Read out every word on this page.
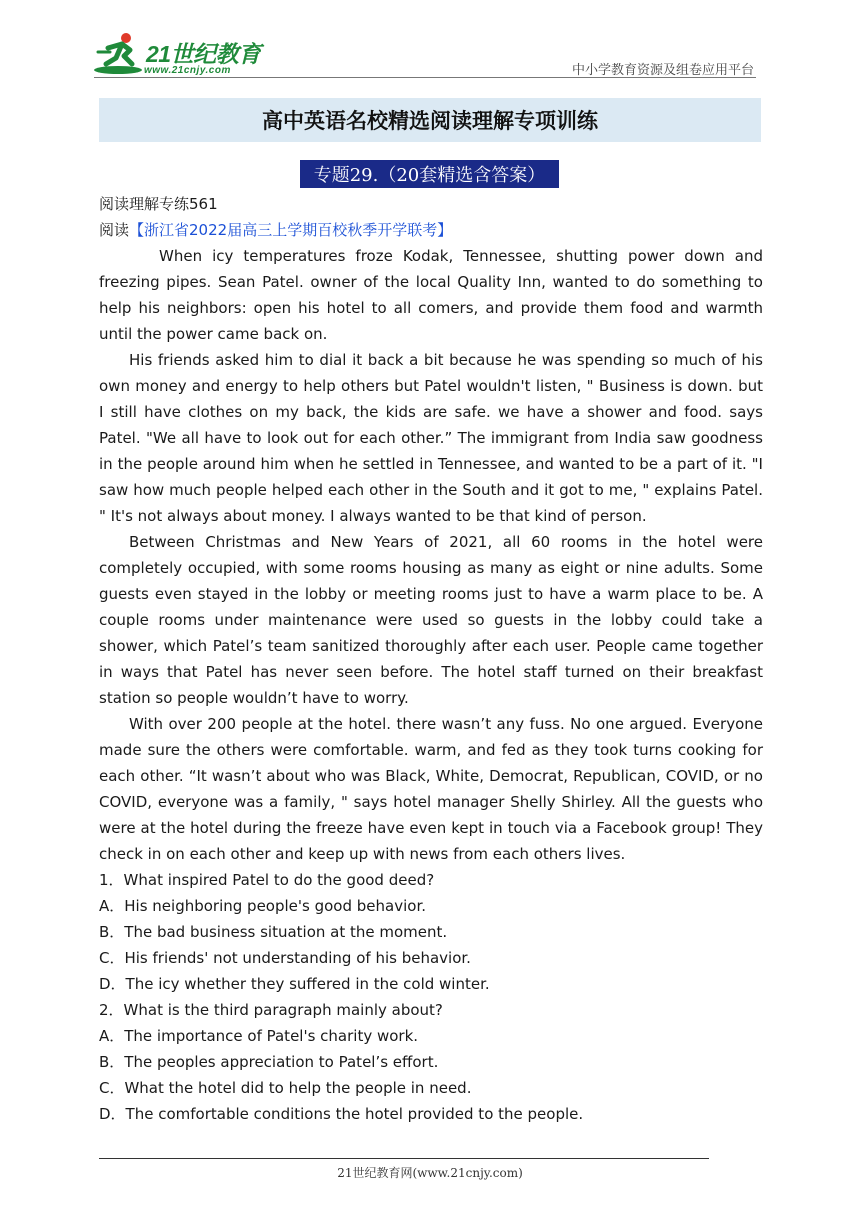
21世纪教育
www.21cnjy.com	中小学教育资源及组卷应用平台
高中英语名校精选阅读理解专项训练
专题29.（20套精选含答案）

阅读理解专练561

阅读【浙江省2022届高三上学期百校秋季开学联考】

When icy temperatures froze Kodak, Tennessee, shutting power down and freezing pipes. Sean Patel. owner of the local Quality Inn, wanted to do something to help his neighbors: open his hotel to all comers, and provide them food and warmth until the power came back on.

His friends asked him to dial it back a bit because he was spending so much of his own money and energy to help others but Patel wouldn't listen, " Business is down. but I still have clothes on my back, the kids are safe. we have a shower and food. says Patel. "We all have to look out for each other.” The immigrant from India saw goodness in the people around him when he settled in Tennessee, and wanted to be a part of it. "I saw how much people helped each other in the South and it got to me, " explains Patel. " It's not always about money. I always wanted to be that kind of person.

Between Christmas and New Years of 2021, all 60 rooms in the hotel were completely occupied, with some rooms housing as many as eight or nine adults. Some guests even stayed in the lobby or meeting rooms just to have a warm place to be. A couple rooms under maintenance were used so guests in the lobby could take a shower, which Patel’s team sanitized thoroughly after each user. People came together in ways that Patel has never seen before. The hotel staff turned on their breakfast station so people wouldn’t have to worry.

With over 200 people at the hotel. there wasn’t any fuss. No one argued. Everyone made sure the others were comfortable. warm, and fed as they took turns cooking for each other. “It wasn’t about who was Black, White, Democrat, Republican, COVID, or no COVID, everyone was a family, " says hotel manager Shelly Shirley. All the guests who were at the hotel during the freeze have even kept in touch via a Facebook group! They check in on each other and keep up with news from each others lives.

1．What inspired Patel to do the good deed?

A．His neighboring people's good behavior.

B．The bad business situation at the moment.

C．His friends' not understanding of his behavior.

D．The icy whether they suffered in the cold winter.

2．What is the third paragraph mainly about?

A．The importance of Patel's charity work.

B．The peoples appreciation to Patel’s effort.

C．What the hotel did to help the people in need.

D．The comfortable conditions the hotel provided to the people.

21世纪教育网(www.21cnjy.com)
